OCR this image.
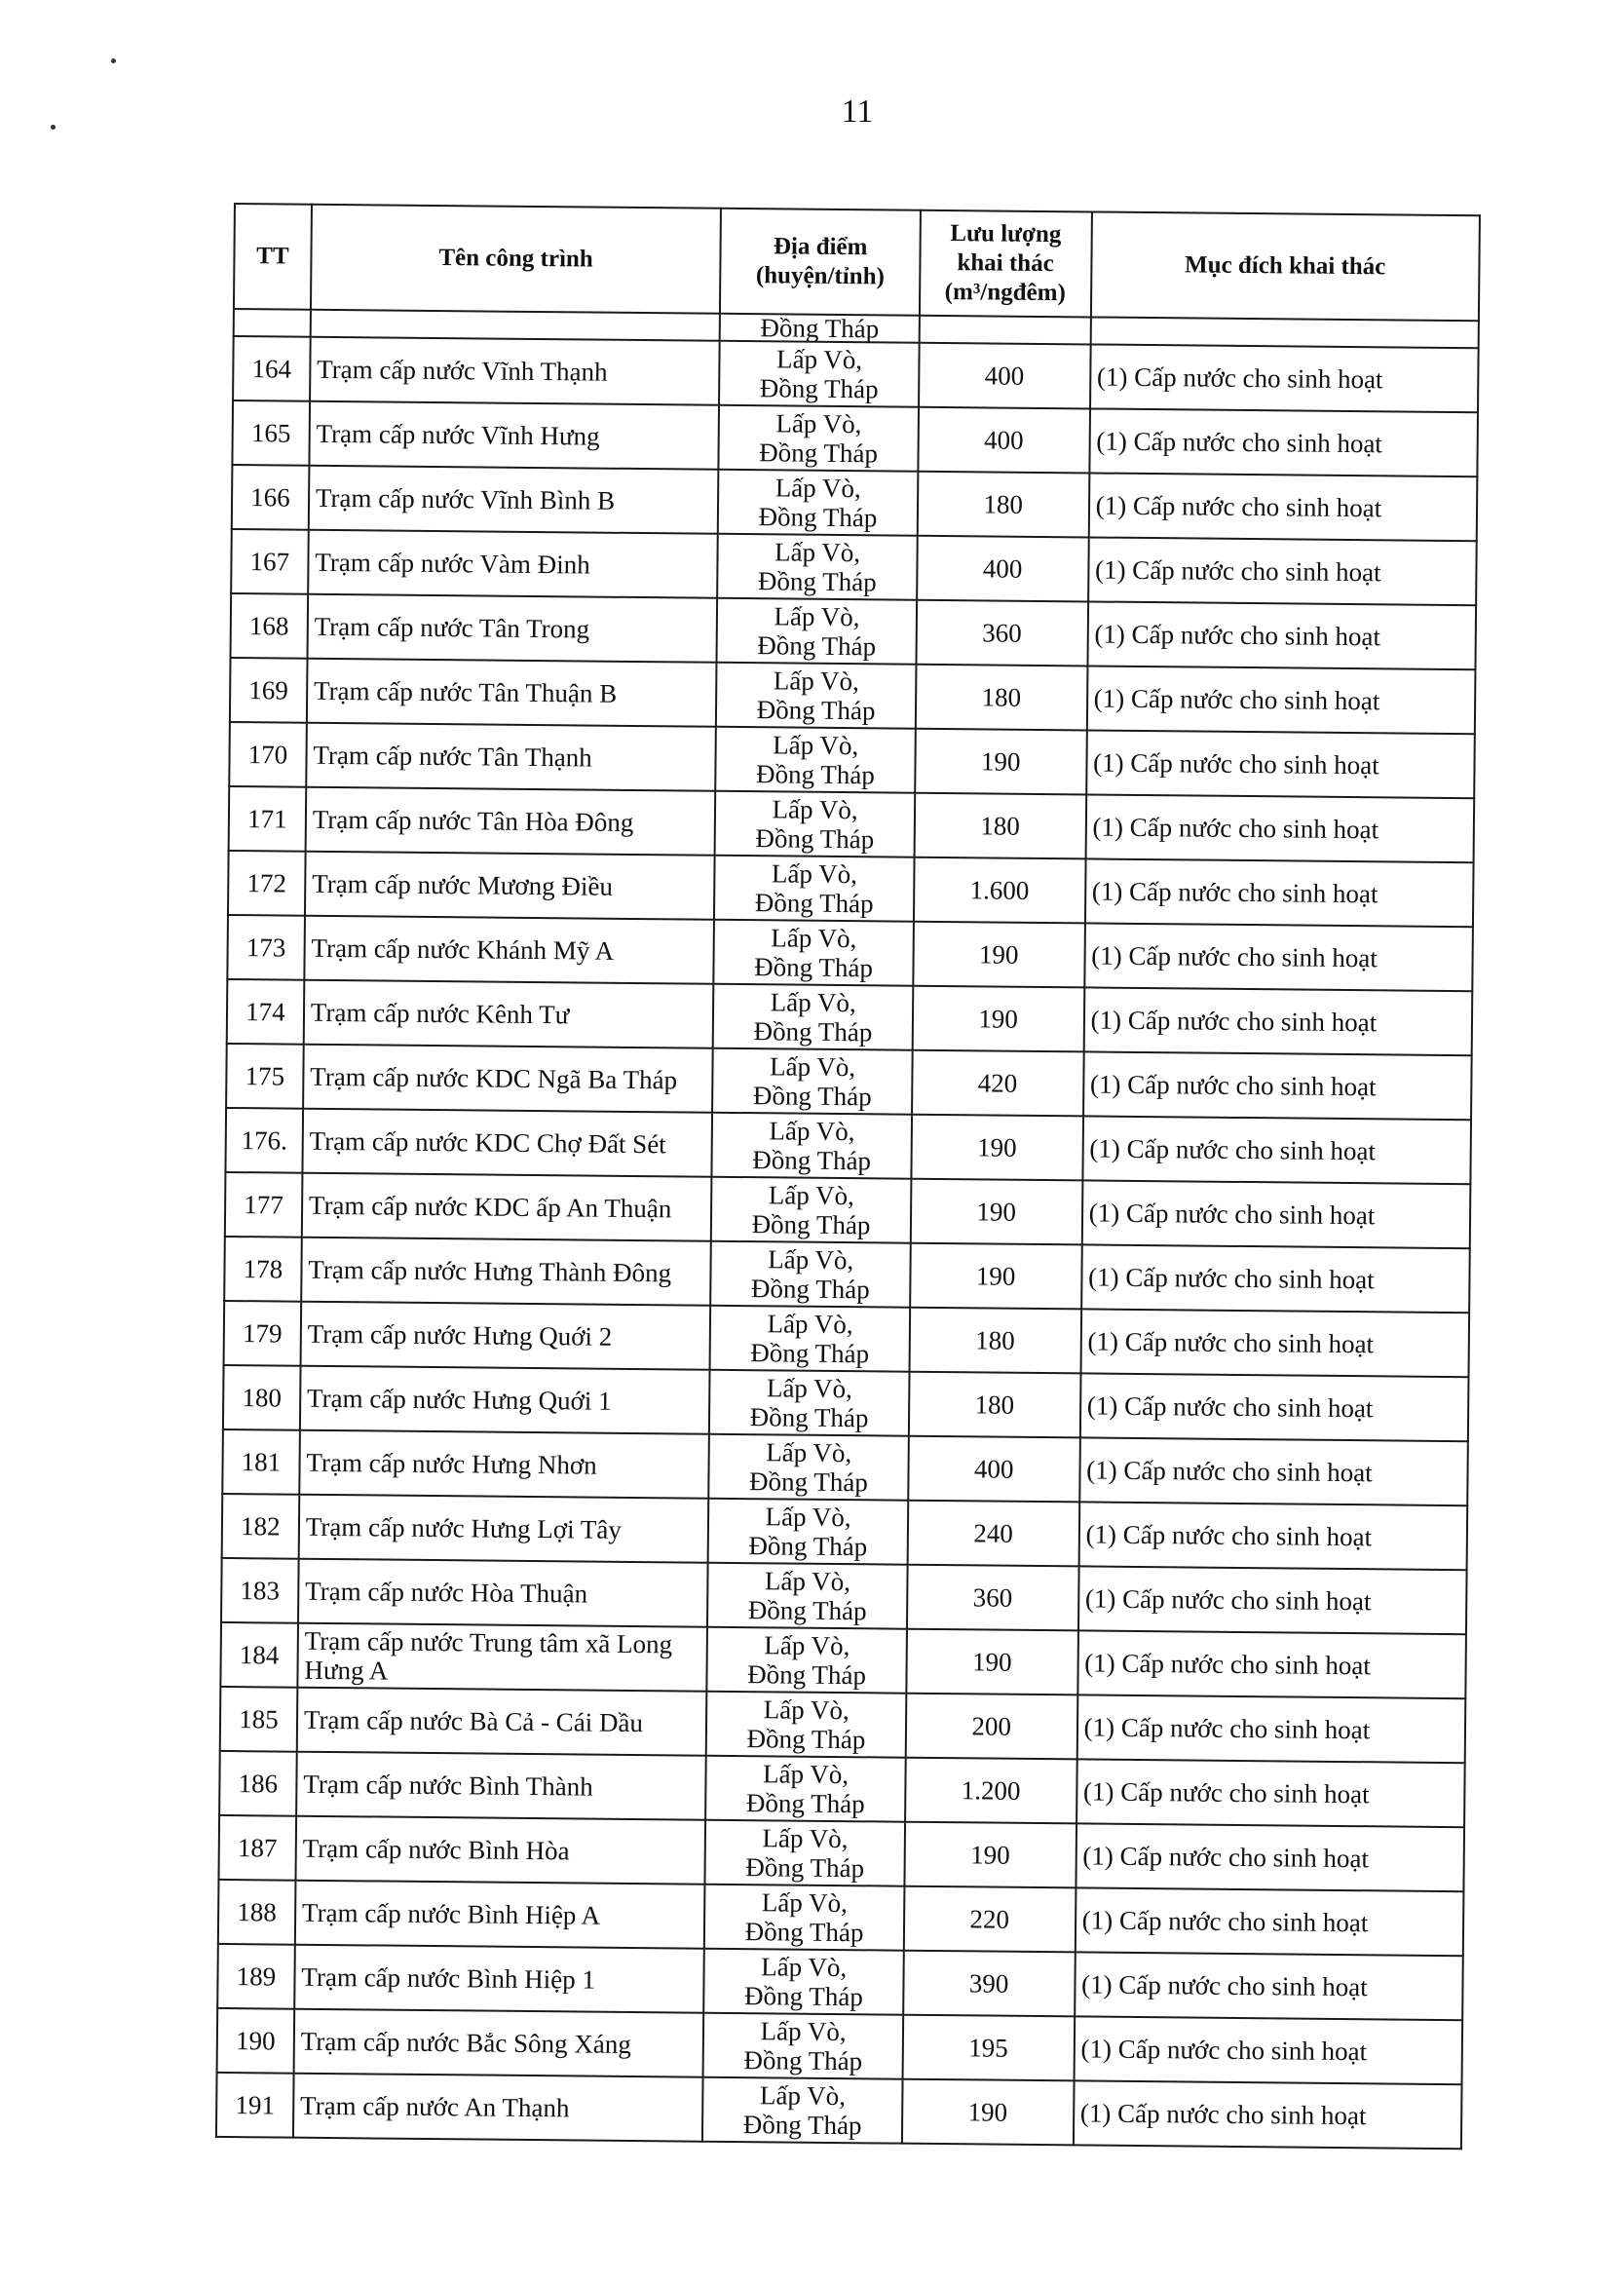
11
TT	Tên công trình	Địa điểm (huyện/tỉnh)	Lưu lượng
khai thác
(m³/ngđêm)	Mục đích khai thác
		Đồng Tháp		
164	Trạm cấp nước Vĩnh Thạnh	Lấp Vò,
Đồng Tháp	400	(1) Cấp nước cho sinh hoạt
165	Trạm cấp nước Vĩnh Hưng	Lấp Vò,
Đồng Tháp	400	(1) Cấp nước cho sinh hoạt
166	Trạm cấp nước Vĩnh Bình B	Lấp Vò,
Đồng Tháp	180	(1) Cấp nước cho sinh hoạt
167	Trạm cấp nước Vàm Đinh	Lấp Vò,
Đồng Tháp	400	(1) Cấp nước cho sinh hoạt
168	Trạm cấp nước Tân Trong	Lấp Vò,
Đồng Tháp	360	(1) Cấp nước cho sinh hoạt
169	Trạm cấp nước Tân Thuận B	Lấp Vò,
Đồng Tháp	180	(1) Cấp nước cho sinh hoạt
170	Trạm cấp nước Tân Thạnh	Lấp Vò,
Đồng Tháp	190	(1) Cấp nước cho sinh hoạt
171	Trạm cấp nước Tân Hòa Đông	Lấp Vò,
Đồng Tháp	180	(1) Cấp nước cho sinh hoạt
172	Trạm cấp nước Mương Điều	Lấp Vò,
Đồng Tháp	1.600	(1) Cấp nước cho sinh hoạt
173	Trạm cấp nước Khánh Mỹ A	Lấp Vò,
Đồng Tháp	190	(1) Cấp nước cho sinh hoạt
174	Trạm cấp nước Kênh Tư	Lấp Vò,
Đồng Tháp	190	(1) Cấp nước cho sinh hoạt
175	Trạm cấp nước KDC Ngã Ba Tháp	Lấp Vò,
Đồng Tháp	420	(1) Cấp nước cho sinh hoạt
176.	Trạm cấp nước KDC Chợ Đất Sét	Lấp Vò,
Đồng Tháp	190	(1) Cấp nước cho sinh hoạt
177	Trạm cấp nước KDC ấp An Thuận	Lấp Vò,
Đồng Tháp	190	(1) Cấp nước cho sinh hoạt
178	Trạm cấp nước Hưng Thành Đông	Lấp Vò,
Đồng Tháp	190	(1) Cấp nước cho sinh hoạt
179	Trạm cấp nước Hưng Quới 2	Lấp Vò,
Đồng Tháp	180	(1) Cấp nước cho sinh hoạt
180	Trạm cấp nước Hưng Quới 1	Lấp Vò,
Đồng Tháp	180	(1) Cấp nước cho sinh hoạt
181	Trạm cấp nước Hưng Nhơn	Lấp Vò,
Đồng Tháp	400	(1) Cấp nước cho sinh hoạt
182	Trạm cấp nước Hưng Lợi Tây	Lấp Vò,
Đồng Tháp	240	(1) Cấp nước cho sinh hoạt
183	Trạm cấp nước Hòa Thuận	Lấp Vò,
Đồng Tháp	360	(1) Cấp nước cho sinh hoạt
184	Trạm cấp nước Trung tâm xã Long Hưng A	Lấp Vò,
Đồng Tháp	190	(1) Cấp nước cho sinh hoạt
185	Trạm cấp nước Bà Cả - Cái Dầu	Lấp Vò,
Đồng Tháp	200	(1) Cấp nước cho sinh hoạt
186	Trạm cấp nước Bình Thành	Lấp Vò,
Đồng Tháp	1.200	(1) Cấp nước cho sinh hoạt
187	Trạm cấp nước Bình Hòa	Lấp Vò,
Đồng Tháp	190	(1) Cấp nước cho sinh hoạt
188	Trạm cấp nước Bình Hiệp A	Lấp Vò,
Đồng Tháp	220	(1) Cấp nước cho sinh hoạt
189	Trạm cấp nước Bình Hiệp 1	Lấp Vò,
Đồng Tháp	390	(1) Cấp nước cho sinh hoạt
190	Trạm cấp nước Bắc Sông Xáng	Lấp Vò,
Đồng Tháp	195	(1) Cấp nước cho sinh hoạt
191	Trạm cấp nước An Thạnh	Lấp Vò,
Đồng Tháp	190	(1) Cấp nước cho sinh hoạt
